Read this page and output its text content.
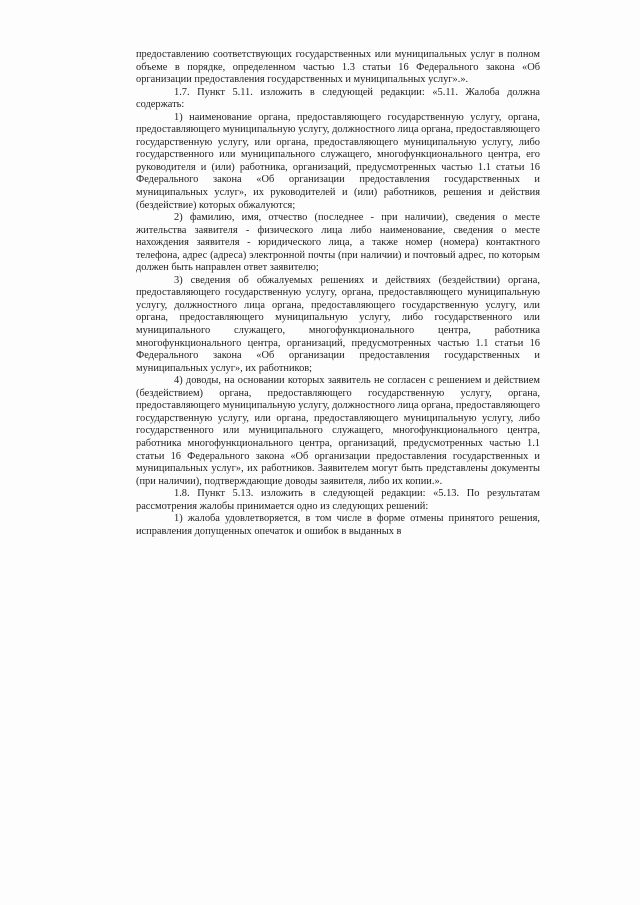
предоставлению соответствующих государственных или муниципальных услуг в полном объеме в порядке, определенном частью 1.3 статьи 16 Федерального закона «Об организации предоставления государственных и муниципальных услуг».».

1.7. Пункт 5.11. изложить в следующей редакции: «5.11. Жалоба должна содержать:

1) наименование органа, предоставляющего государственную услугу, органа, предоставляющего муниципальную услугу, должностного лица органа, предоставляющего государственную услугу, или органа, предоставляющего муниципальную услугу, либо государственного или муниципального служащего, многофункционального центра, его руководителя и (или) работника, организаций, предусмотренных частью 1.1 статьи 16 Федерального закона «Об организации предоставления государственных и муниципальных услуг», их руководителей и (или) работников, решения и действия (бездействие) которых обжалуются;

2) фамилию, имя, отчество (последнее - при наличии), сведения о месте жительства заявителя - физического лица либо наименование, сведения о месте нахождения заявителя - юридического лица, а также номер (номера) контактного телефона, адрес (адреса) электронной почты (при наличии) и почтовый адрес, по которым должен быть направлен ответ заявителю;

3) сведения об обжалуемых решениях и действиях (бездействии) органа, предоставляющего государственную услугу, органа, предоставляющего муниципальную услугу, должностного лица органа, предоставляющего государственную услугу, или органа, предоставляющего муниципальную услугу, либо государственного или муниципального служащего, многофункционального центра, работника многофункционального центра, организаций, предусмотренных частью 1.1 статьи 16 Федерального закона «Об организации предоставления государственных и муниципальных услуг», их работников;

4) доводы, на основании которых заявитель не согласен с решением и действием (бездействием) органа, предоставляющего государственную услугу, органа, предоставляющего муниципальную услугу, должностного лица органа, предоставляющего государственную услугу, или органа, предоставляющего муниципальную услугу, либо государственного или муниципального служащего, многофункционального центра, работника многофункционального центра, организаций, предусмотренных частью 1.1 статьи 16 Федерального закона «Об организации предоставления государственных и муниципальных услуг», их работников. Заявителем могут быть представлены документы (при наличии), подтверждающие доводы заявителя, либо их копии.».

1.8. Пункт 5.13. изложить в следующей редакции: «5.13. По результатам рассмотрения жалобы принимается одно из следующих решений:

1) жалоба удовлетворяется, в том числе в форме отмены принятого решения, исправления допущенных опечаток и ошибок в выданных в
